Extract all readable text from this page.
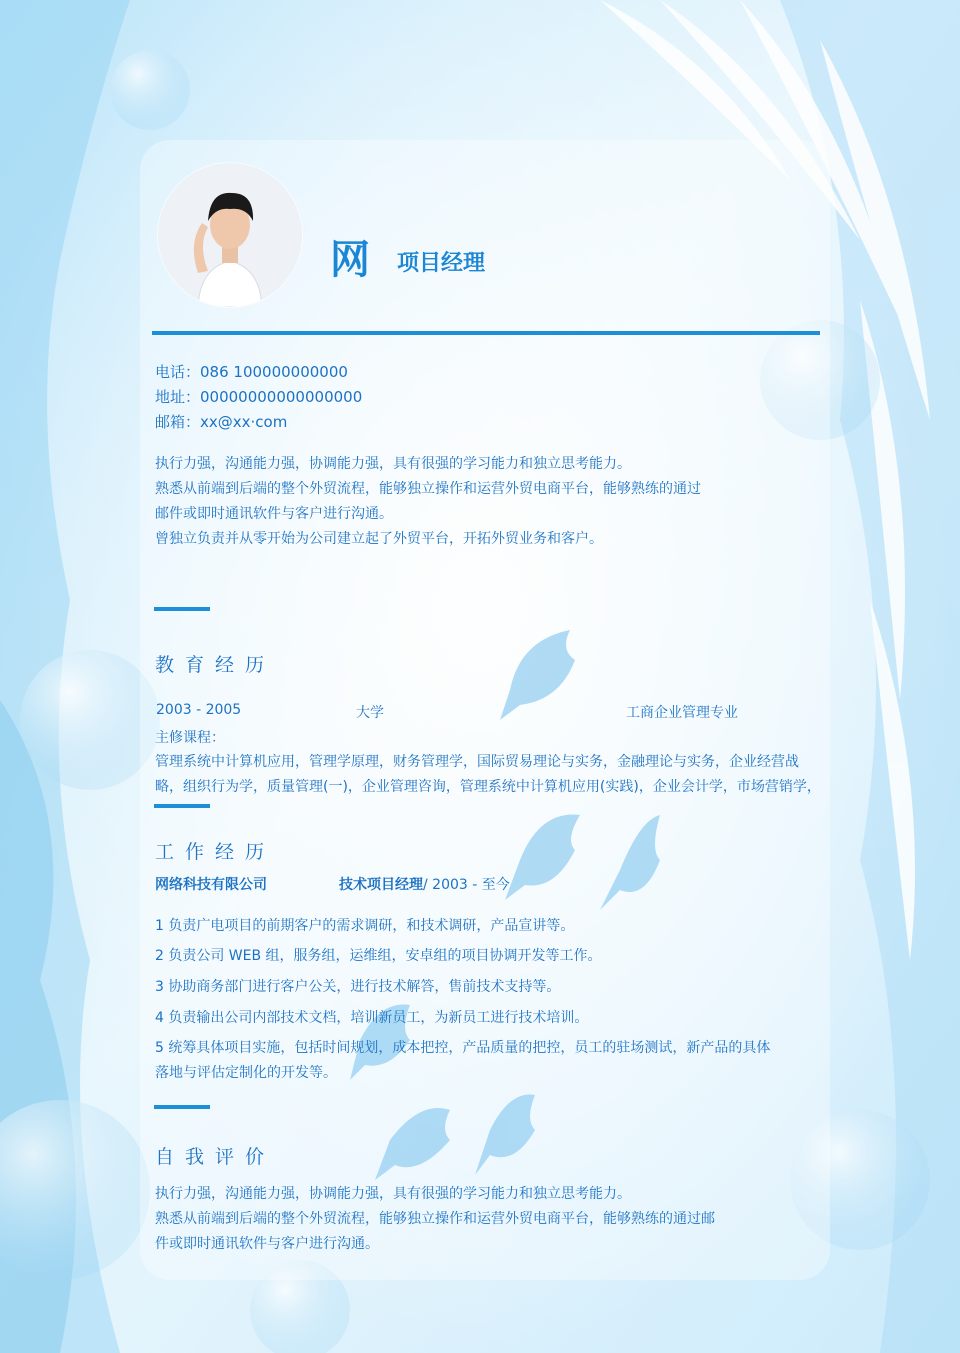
网 项目经理
电话：086 100000000000
地址：00000000000000000
邮箱：xx@xx·com
执行力强，沟通能力强，协调能力强，具有很强的学习能力和独立思考能力。
熟悉从前端到后端的整个外贸流程，能够独立操作和运营外贸电商平台，能够熟练的通过
邮件或即时通讯软件与客户进行沟通。
曾独立负责并从零开始为公司建立起了外贸平台，开拓外贸业务和客户。
教育经历
2003 - 2005	大学	工商企业管理专业
主修课程：
管理系统中计算机应用，管理学原理，财务管理学，国际贸易理论与实务，金融理论与实务，企业经营战
略，组织行为学，质量管理(一)，企业管理咨询，管理系统中计算机应用(实践)，企业会计学，市场营销学，
工作经历
网络科技有限公司	技术项目经理/ 2003 - 至今
1 负责广电项目的前期客户的需求调研，和技术调研，产品宣讲等。
2 负责公司 WEB 组，服务组，运维组，安卓组的项目协调开发等工作。
3 协助商务部门进行客户公关，进行技术解答，售前技术支持等。
4 负责输出公司内部技术文档，培训新员工，为新员工进行技术培训。
5 统筹具体项目实施，包括时间规划，成本把控，产品质量的把控，员工的驻场测试，新产品的具体
落地与评估定制化的开发等。
自我评价
执行力强，沟通能力强，协调能力强，具有很强的学习能力和独立思考能力。
熟悉从前端到后端的整个外贸流程，能够独立操作和运营外贸电商平台，能够熟练的通过邮
件或即时通讯软件与客户进行沟通。
